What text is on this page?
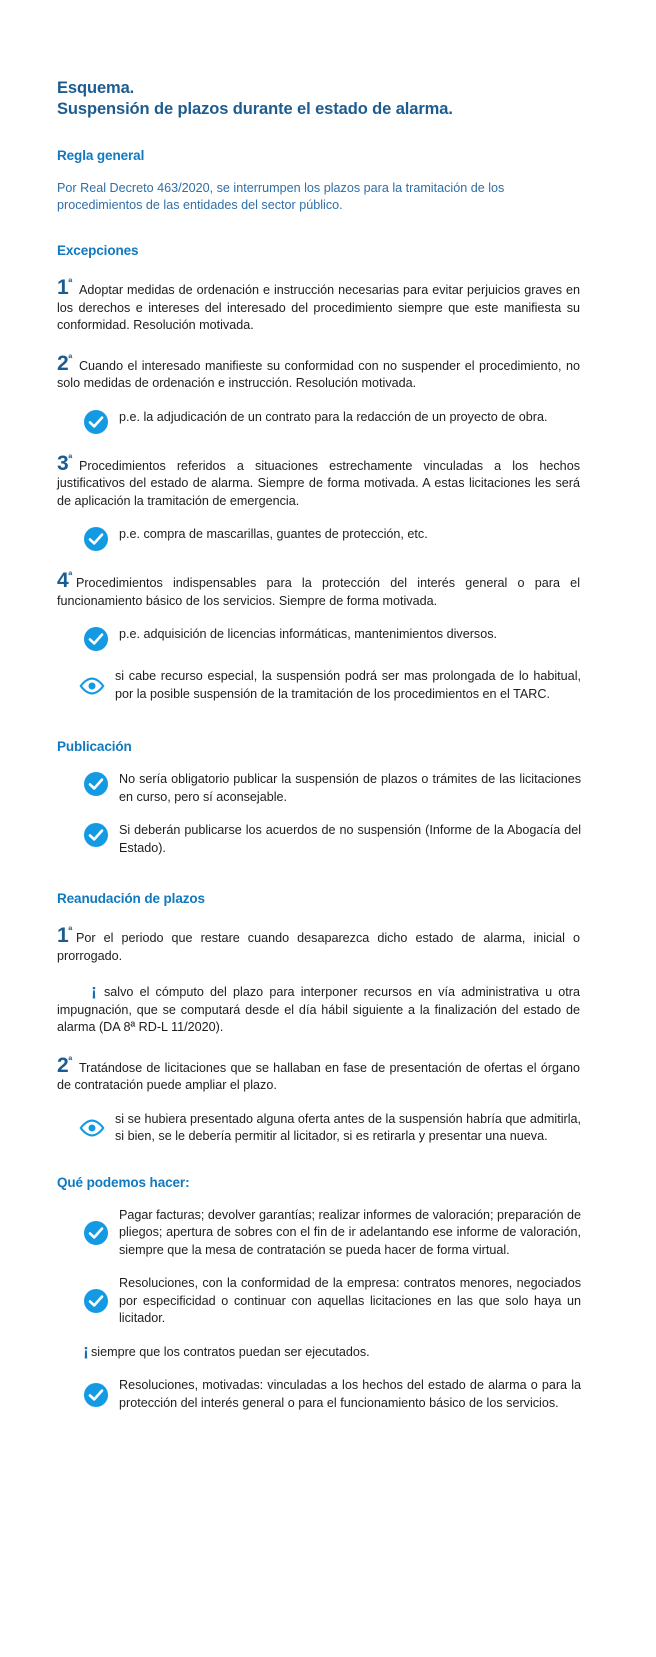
Esquema.
Suspensión de plazos durante el estado de alarma.
Regla general
Por Real Decreto 463/2020, se interrumpen los plazos para la tramitación de los procedimientos de las entidades del sector público.
Excepciones
$1^ª$ Adoptar medidas de ordenación e instrucción necesarias para evitar perjuicios graves en los derechos e intereses del interesado del procedimiento siempre que este manifiesta su conformidad. Resolución motivada.
$2^ª$ Cuando el interesado manifieste su conformidad con no suspender el procedimiento, no solo medidas de ordenación e instrucción. Resolución motivada.
p.e. la adjudicación de un contrato para la redacción de un proyecto de obra.
$3^ª$ Procedimientos referidos a situaciones estrechamente vinculadas a los hechos justificativos del estado de alarma. Siempre de forma motivada. A estas licitaciones les será de aplicación la tramitación de emergencia.
p.e. compra de mascarillas, guantes de protección, etc.
$4^ª$ Procedimientos indispensables para la protección del interés general o para el funcionamiento básico de los servicios. Siempre de forma motivada.
p.e. adquisición de licencias informáticas, mantenimientos diversos.
si cabe recurso especial, la suspensión podrá ser mas prolongada de lo habitual, por la posible suspensión de la tramitación de los procedimientos en el TARC.
Publicación
No sería obligatorio publicar la suspensión de plazos o trámites de las licitaciones en curso, pero sí aconsejable.
Si deberán publicarse los acuerdos de no suspensión (Informe de la Abogacía del Estado).
Reanudación de plazos
$1^ª$ Por el periodo que restare cuando desaparezca dicho estado de alarma, inicial o prorrogado.
¡ salvo el cómputo del plazo para interponer recursos en vía administrativa u otra impugnación, que se computará desde el día hábil siguiente a la finalización del estado de alarma (DA 8ª RD-L 11/2020).
$2^ª$ Tratándose de licitaciones que se hallaban en fase de presentación de ofertas el órgano de contratación puede ampliar el plazo.
si se hubiera presentado alguna oferta antes de la suspensión habría que admitirla, si bien, se le debería permitir al licitador, si es retirarla y presentar una nueva.
Qué podemos hacer:
Pagar facturas; devolver garantías; realizar informes de valoración; preparación de pliegos; apertura de sobres con el fin de ir adelantando ese informe de valoración, siempre que la mesa de contratación se pueda hacer de forma virtual.
Resoluciones, con la conformidad de la empresa: contratos menores, negociados por especificidad o continuar con aquellas licitaciones en las que solo haya un licitador.
¡ siempre que los contratos puedan ser ejecutados.
Resoluciones, motivadas: vinculadas a los hechos del estado de alarma o para la protección del interés general o para el funcionamiento básico de los servicios.
